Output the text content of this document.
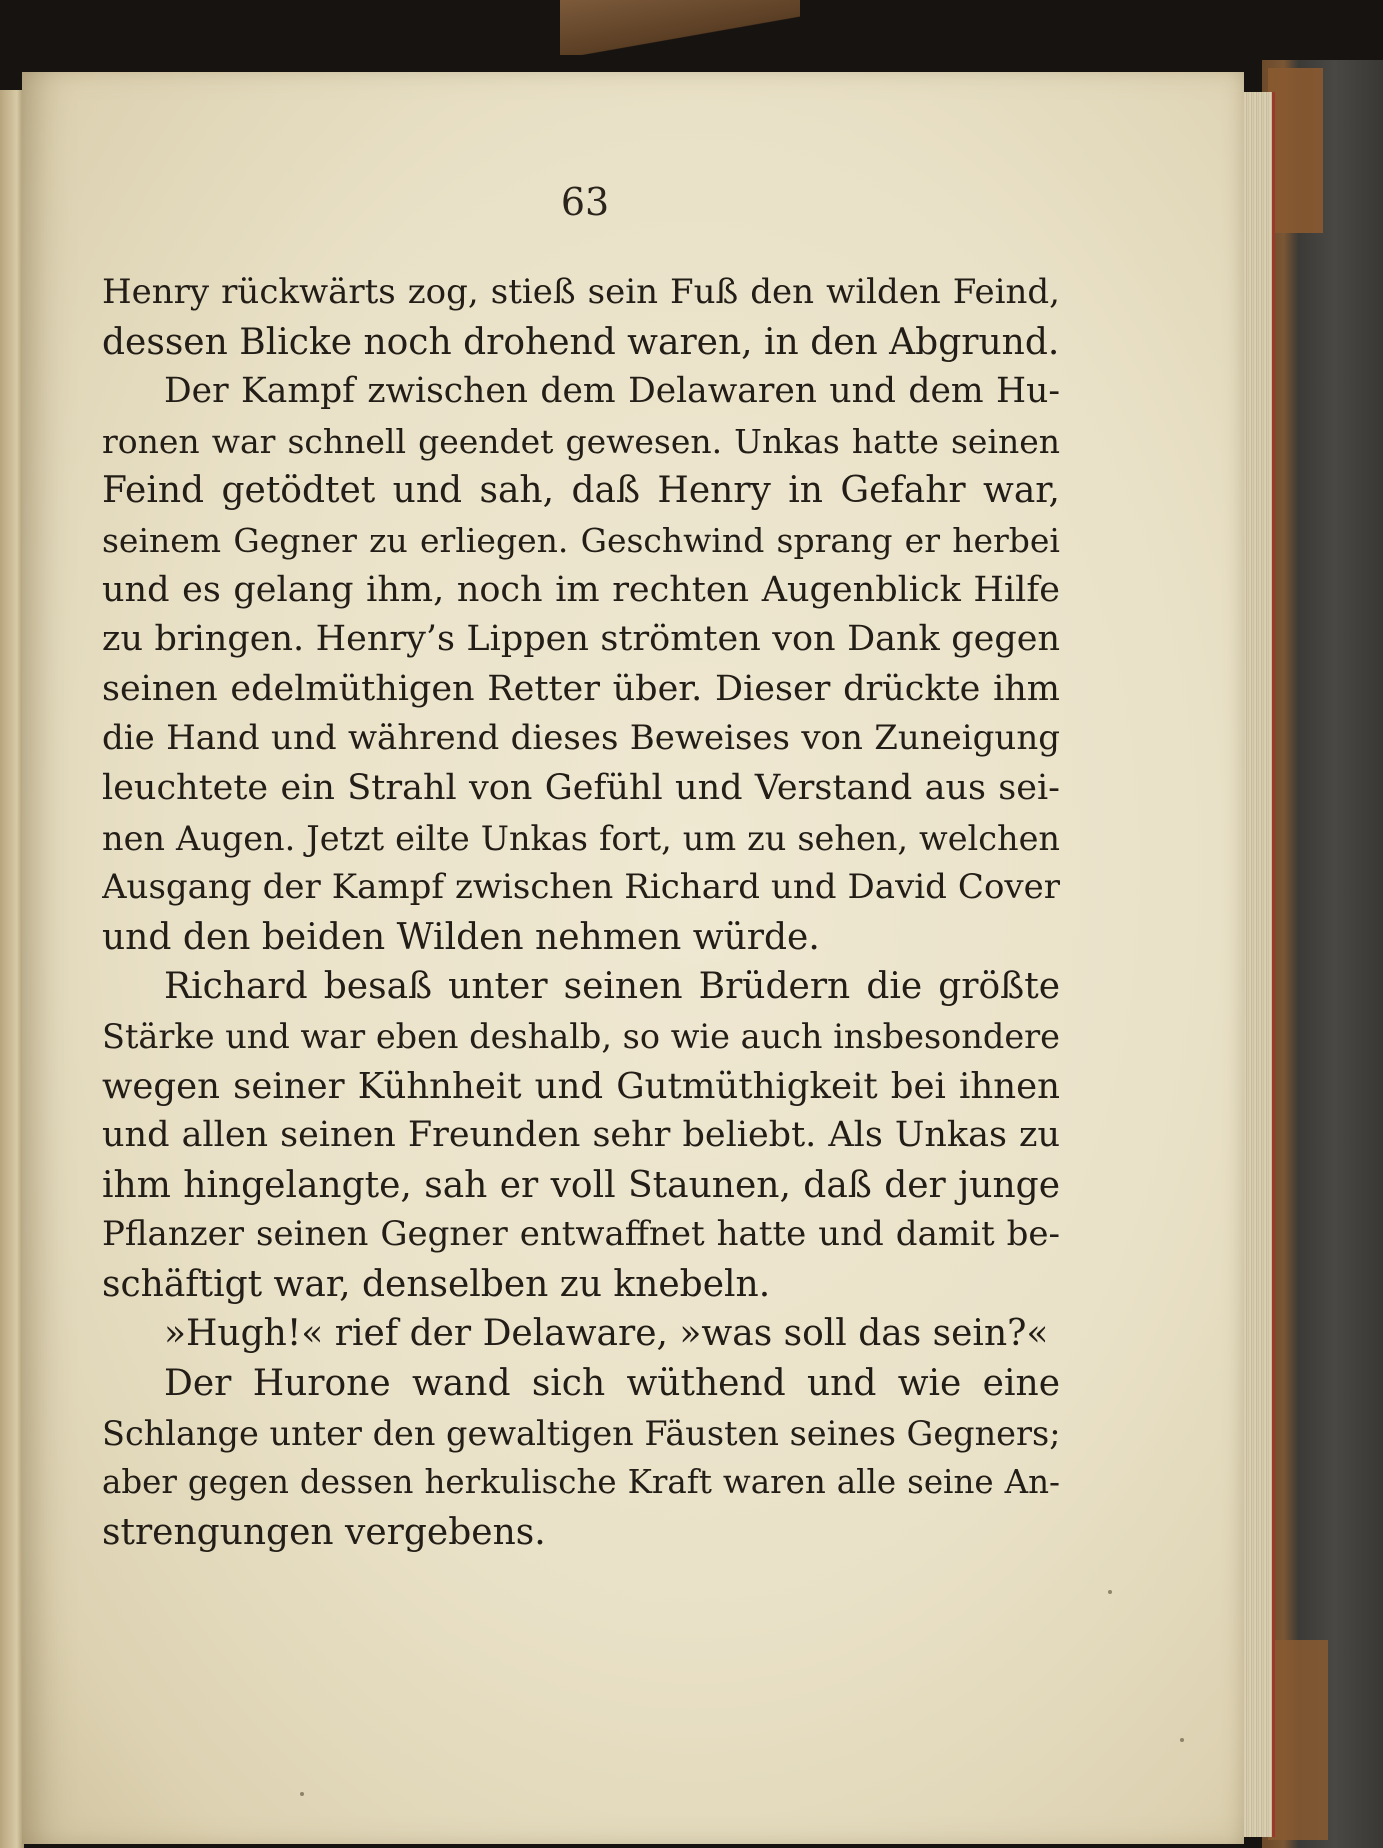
63
Henry rückwärts zog, stieß sein Fuß den wilden Feind,
dessen Blicke noch drohend waren, in den Abgrund.
Der Kampf zwischen dem Delawaren und dem Hu-
ronen war schnell geendet gewesen. Unkas hatte seinen
Feind getödtet und sah, daß Henry in Gefahr war,
seinem Gegner zu erliegen. Geschwind sprang er herbei
und es gelang ihm, noch im rechten Augenblick Hilfe
zu bringen. Henry’s Lippen strömten von Dank gegen
seinen edelmüthigen Retter über. Dieser drückte ihm
die Hand und während dieses Beweises von Zuneigung
leuchtete ein Strahl von Gefühl und Verstand aus sei-
nen Augen. Jetzt eilte Unkas fort, um zu sehen, welchen
Ausgang der Kampf zwischen Richard und David Cover
und den beiden Wilden nehmen würde.
Richard besaß unter seinen Brüdern die größte
Stärke und war eben deshalb, so wie auch insbesondere
wegen seiner Kühnheit und Gutmüthigkeit bei ihnen
und allen seinen Freunden sehr beliebt. Als Unkas zu
ihm hingelangte, sah er voll Staunen, daß der junge
Pflanzer seinen Gegner entwaffnet hatte und damit be-
schäftigt war, denselben zu knebeln.
»Hugh!« rief der Delaware, »was soll das sein?«
Der Hurone wand sich wüthend und wie eine
Schlange unter den gewaltigen Fäusten seines Gegners;
aber gegen dessen herkulische Kraft waren alle seine An-
strengungen vergebens.
